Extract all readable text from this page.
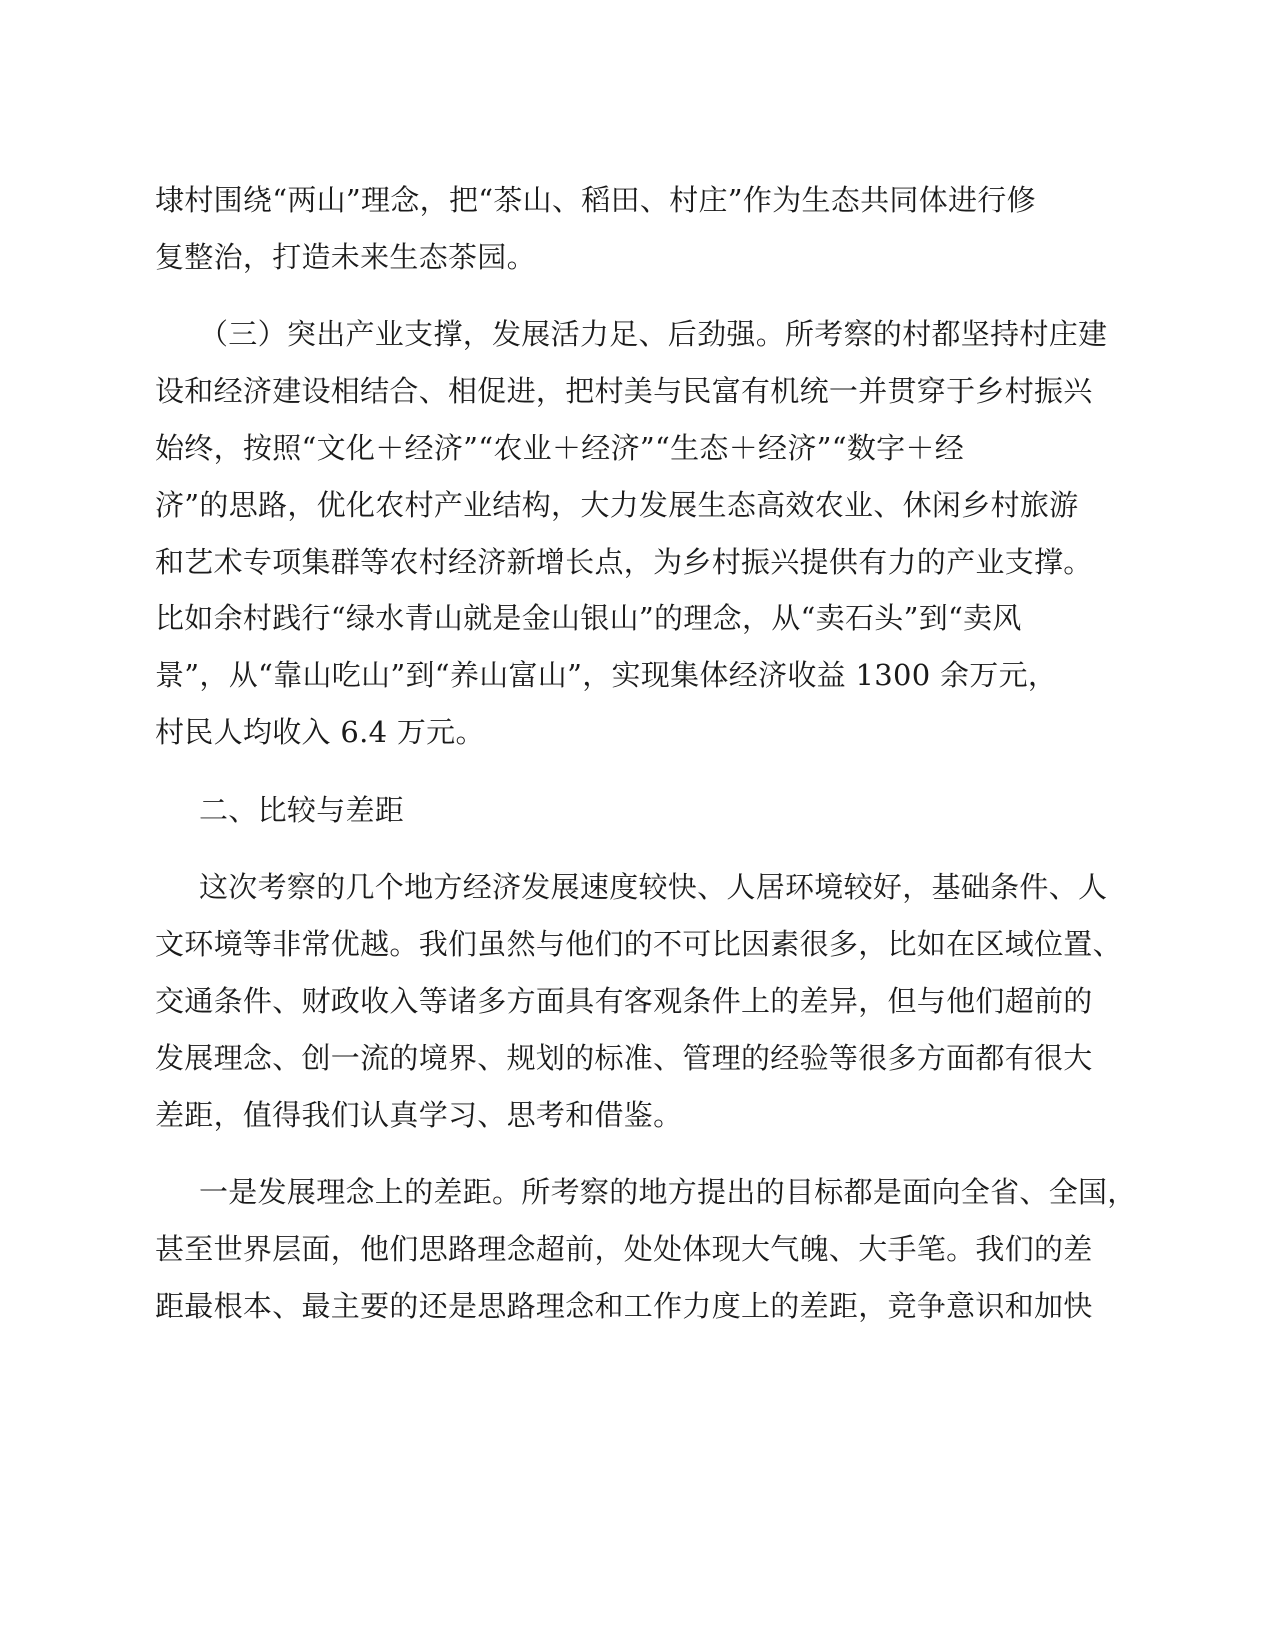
埭村围绕“两山”理念，把“茶山、稻田、村庄”作为生态共同体进行修
复整治，打造未来生态茶园。
（三）突出产业支撑，发展活力足、后劲强。所考察的村都坚持村庄建
设和经济建设相结合、相促进，把村美与民富有机统一并贯穿于乡村振兴
始终，按照“文化＋经济”“农业＋经济”“生态＋经济”“数字＋经
济”的思路，优化农村产业结构，大力发展生态高效农业、休闲乡村旅游
和艺术专项集群等农村经济新增长点，为乡村振兴提供有力的产业支撑。
比如余村践行“绿水青山就是金山银山”的理念，从“卖石头”到“卖风
景”，从“靠山吃山”到“养山富山”，实现集体经济收益 1300 余万元，
村民人均收入 6.4 万元。
二、比较与差距
这次考察的几个地方经济发展速度较快、人居环境较好，基础条件、人
文环境等非常优越。我们虽然与他们的不可比因素很多，比如在区域位置、
交通条件、财政收入等诸多方面具有客观条件上的差异，但与他们超前的
发展理念、创一流的境界、规划的标准、管理的经验等很多方面都有很大
差距，值得我们认真学习、思考和借鉴。
一是发展理念上的差距。所考察的地方提出的目标都是面向全省、全国，
甚至世界层面，他们思路理念超前，处处体现大气魄、大手笔。我们的差
距最根本、最主要的还是思路理念和工作力度上的差距，竞争意识和加快
